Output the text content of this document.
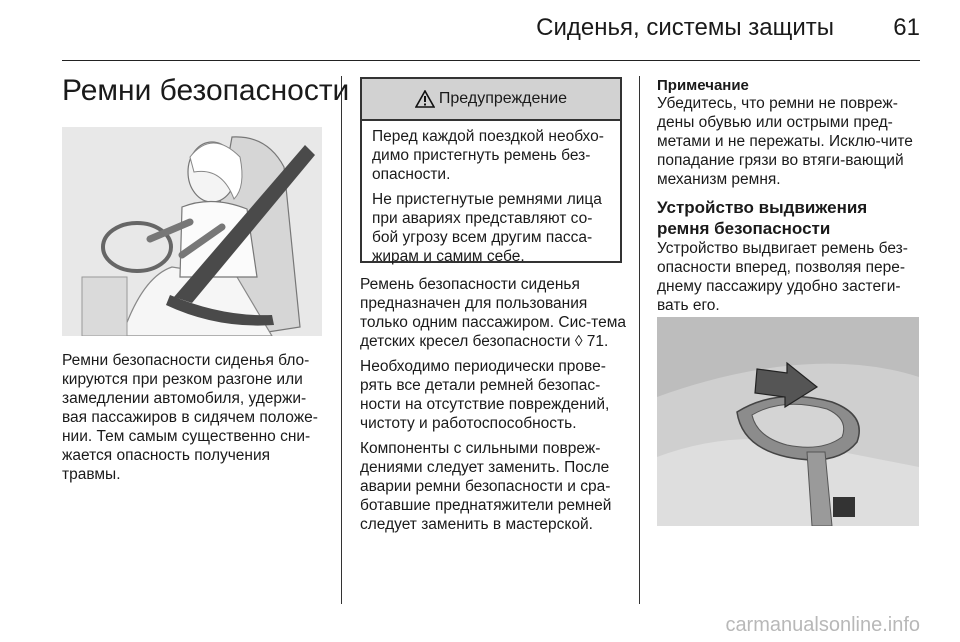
Сиденья, системы защиты 61
Ремни безопасности

Ремни безопасности сиденья бло-кируются при резком разгоне или замедлении автомобиля, удержи-вая пассажиров в сидячем положе-нии. Тем самым существенно сни-жается опасность получения травмы.

Предупреждение

Перед каждой поездкой необхо-димо пристегнуть ремень без-опасности.

Не пристегнутые ремнями лица при авариях представляют со-бой угрозу всем другим пасса-жирам и самим себе.

Ремень безопасности сиденья предназначен для пользования только одним пассажиром. Сис-тема детских кресел безопасности ◊ 71.

Необходимо периодически прове-рять все детали ремней безопас-ности на отсутствие повреждений, чистоту и работоспособность.

Компоненты с сильными повреж-дениями следует заменить. После аварии ремни безопасности и сра-ботавшие преднатяжители ремней следует заменить в мастерской.

Примечание

Убедитесь, что ремни не повреж-дены обувью или острыми пред-метами и не пережаты. Исклю-чите попадание грязи во втяги-вающий механизм ремня.

Устройство выдвижения ремня безопасности

Устройство выдвигает ремень без-опасности вперед, позволяя пере-днему пассажиру удобно застеги-вать его.

carmanualsonline.info
